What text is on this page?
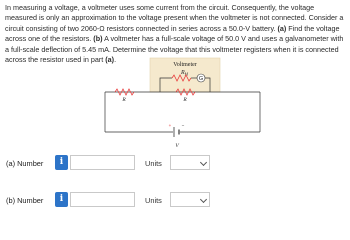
In measuring a voltage, a voltmeter uses some current from the circuit. Consequently, the voltage measured is only an approximation to the voltage present when the voltmeter is not connected. Consider a circuit consisting of two 2060-Ω resistors connected in series across a 50.0-V battery. (a) Find the voltage across one of the resistors. (b) A voltmeter has a full-scale voltage of 50.0 V and uses a galvanometer with a full-scale deflection of 5.45 mA. Determine the voltage that this voltmeter registers when it is connected across the resistor used in part (a).

Voltmeter
$R_M$
G
R	R
+ −
V
(a) Number	i	Units
(b) Number	i	Units
